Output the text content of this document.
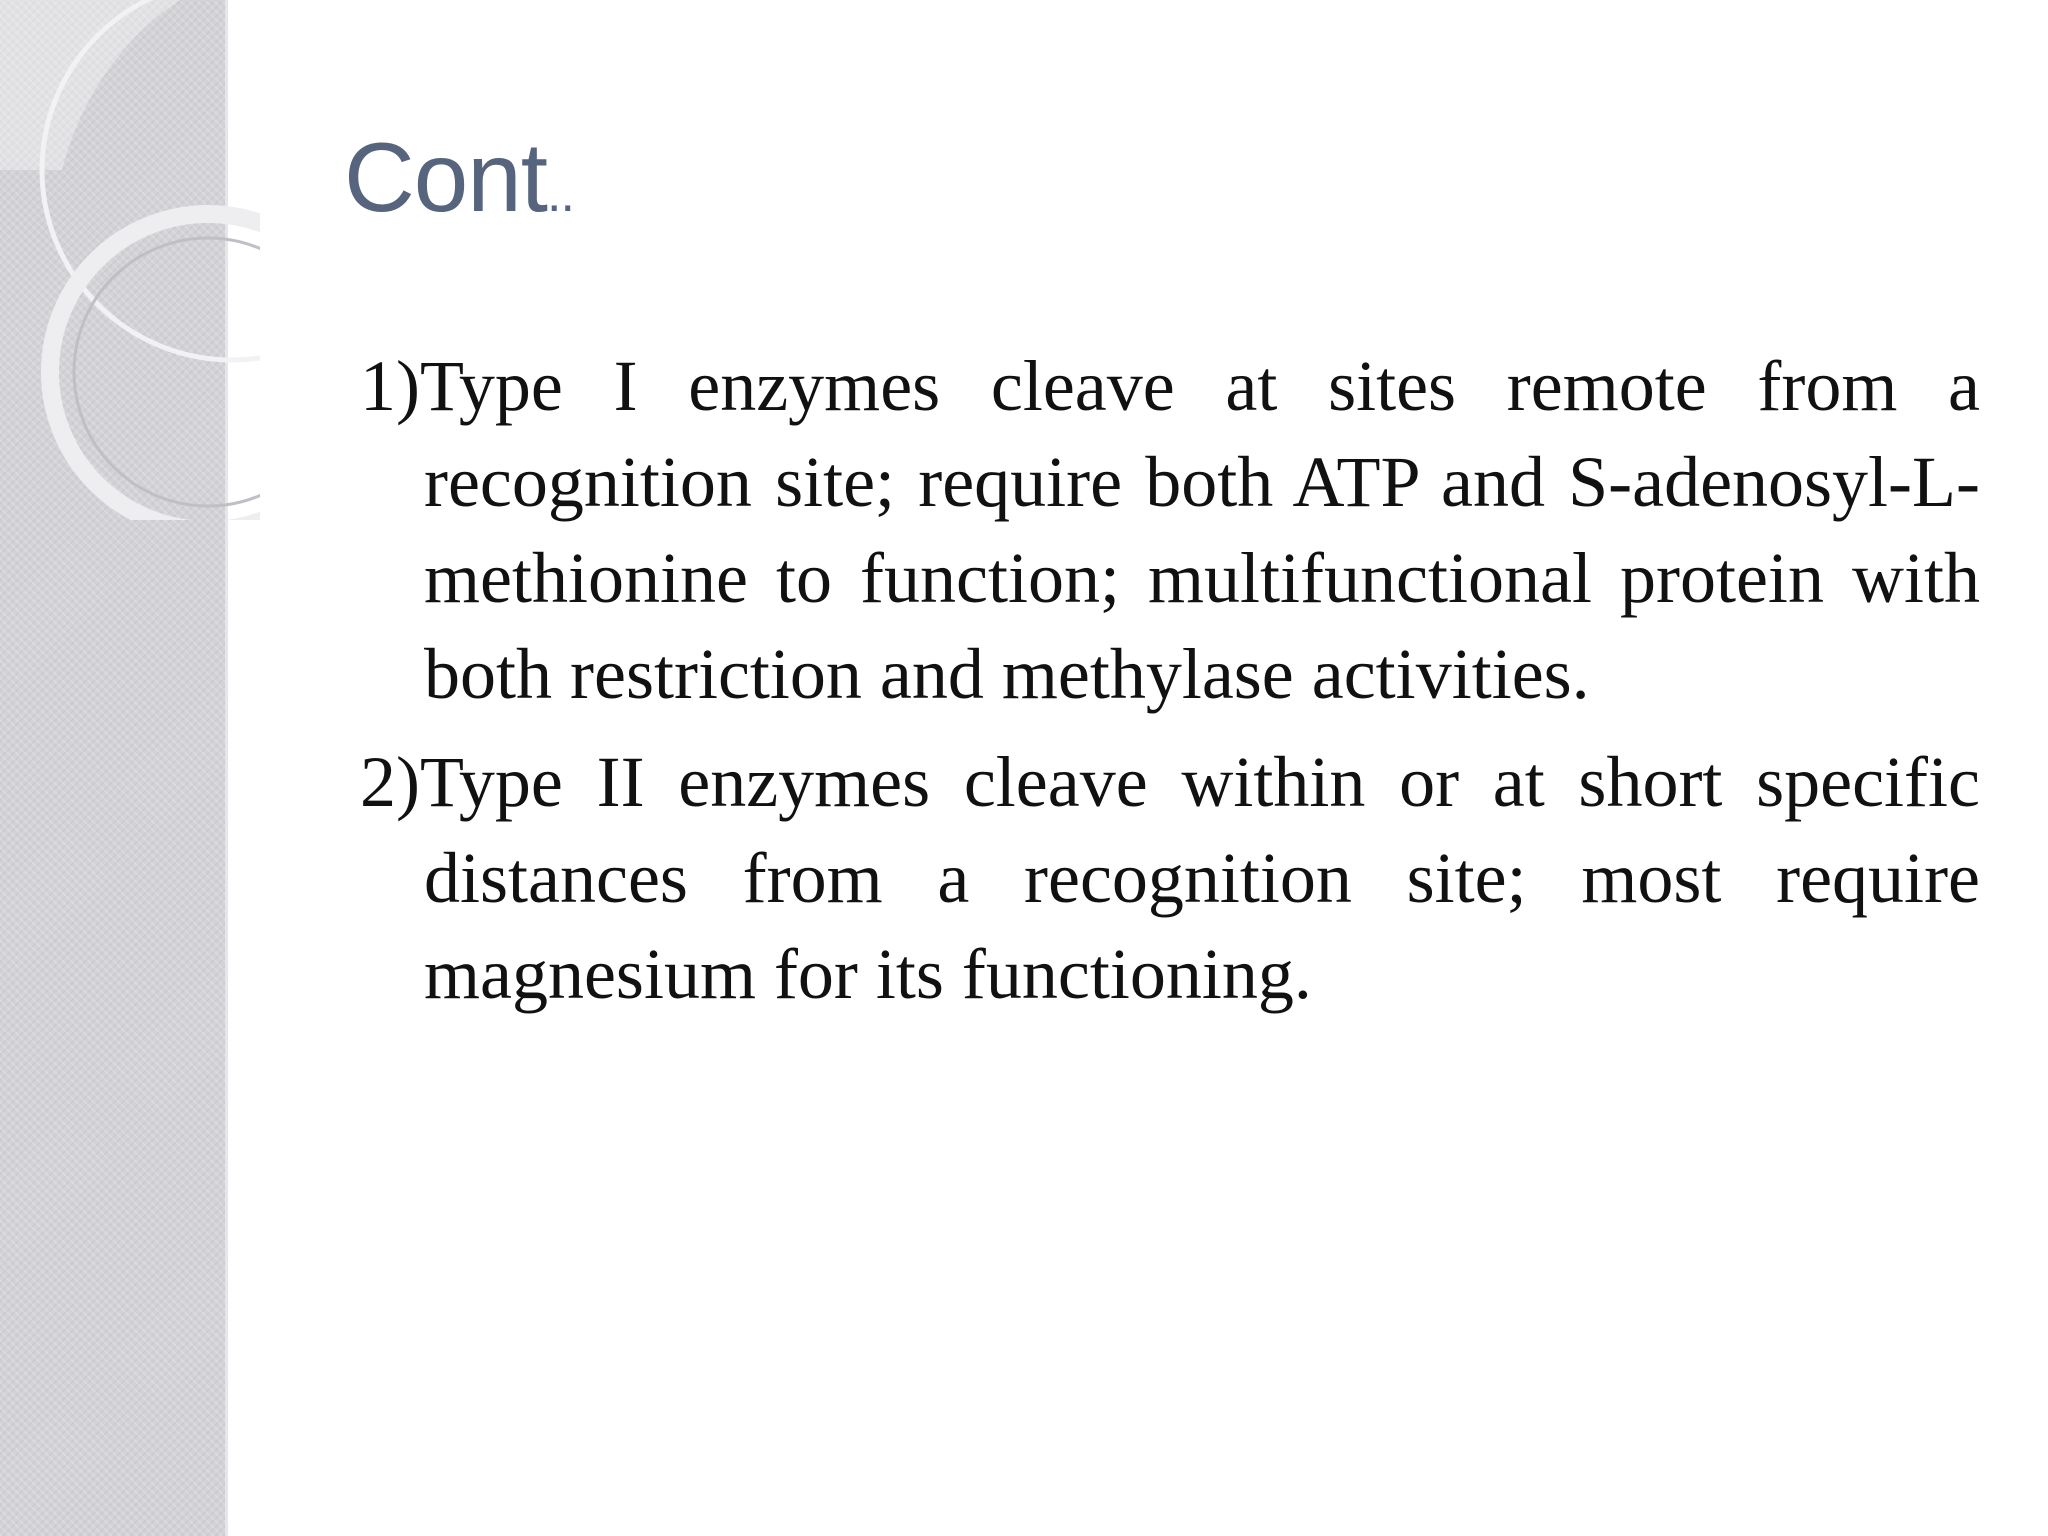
Cont..
1)Type I enzymes cleave at sites remote from a recognition site; require both ATP and S-adenosyl-L-methionine to function; multifunctional protein with both restriction and methylase activities.
2)Type II enzymes cleave within or at short specific distances from a recognition site; most require magnesium for its functioning.
